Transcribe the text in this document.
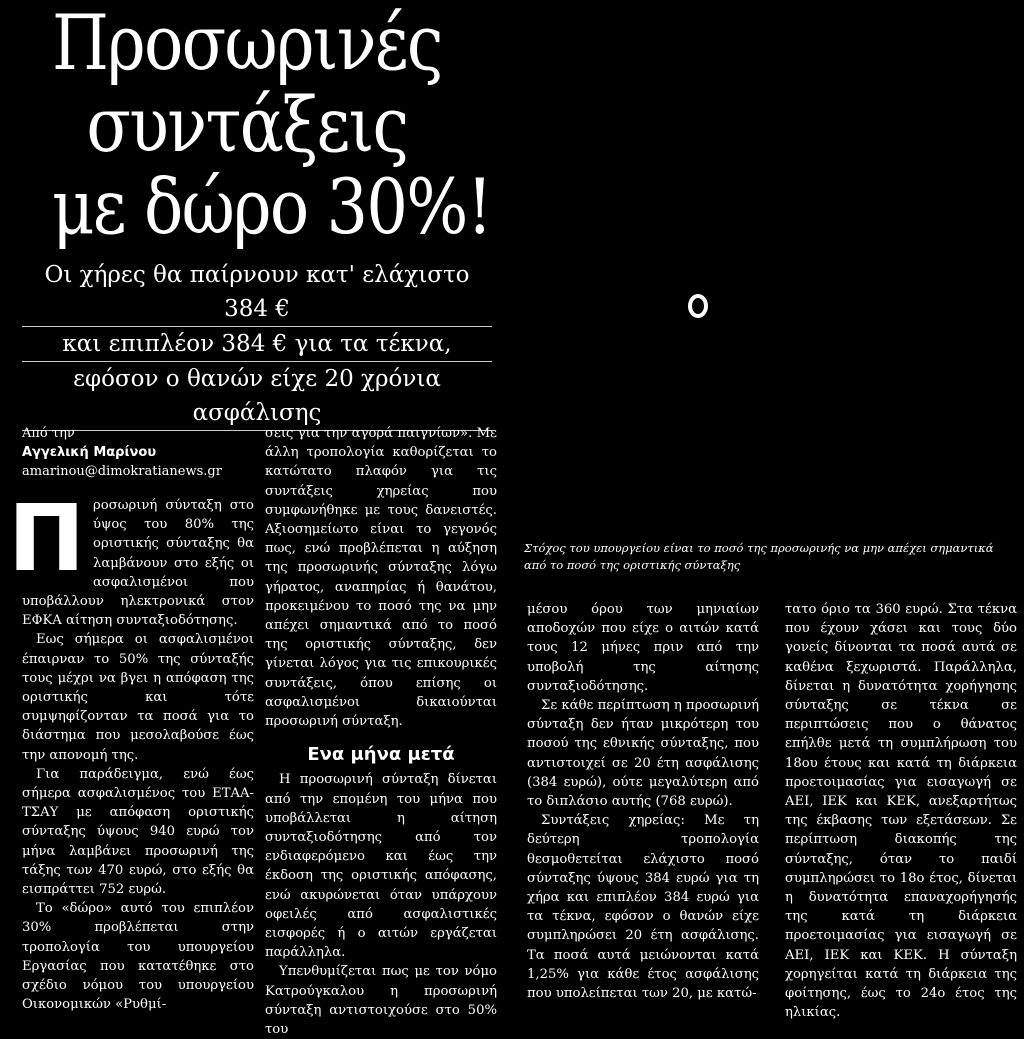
Προσωρινές
συντάξεις
με δώρο 30%!
Οι χήρες θα παίρνουν κατ' ελάχιστο 384 €
και επιπλέον 384 € για τα τέκνα,
εφόσον ο θανών είχε 20 χρόνια ασφάλισης
Από την
Αγγελική Μαρίνου
amarinou@dimokratianews.gr
Στόχος του υπουργείου είναι το ποσό της προσωρινής να μην απέχει σημαντικά από το ποσό της οριστικής σύνταξης

Προσωρινή σύνταξη στο ύψος του 80% της οριστικής σύνταξης θα λαμβάνουν στο εξής οι ασφαλισμένοι που υποβάλλουν ηλεκτρονικά στον ΕΦΚΑ αίτηση συνταξιοδότησης.

Εως σήμερα οι ασφαλισμένοι έπαιρναν το 50% της σύνταξής τους μέχρι να βγει η απόφαση της οριστικής και τότε συμψηφίζονταν τα ποσά για το διάστημα που μεσολαβούσε έως την απονομή της.

Για παράδειγμα, ενώ έως σήμερα ασφαλισμένος του ΕΤΑΑ-ΤΣΑΥ με απόφαση οριστικής σύνταξης ύψους 940 ευρώ τον μήνα λαμβάνει προσωρινή της τάξης των 470 ευρώ, στο εξής θα εισπράττει 752 ευρώ.

Το «δώρο» αυτό του επιπλέον 30% προβλέπεται στην τροπολογία του υπουργείου Εργασίας που κατατέθηκε στο σχέδιο νόμου του υπουργείου Οικονομικών «Ρυθμί-

σεις για την αγορά παιγνίων». Με άλλη τροπολογία καθορίζεται το κατώτατο πλαφόν για τις συντάξεις χηρείας που συμφωνήθηκε με τους δανειστές. Αξιοσημείωτο είναι το γεγονός πως, ενώ προβλέπεται η αύξηση της προσωρινής σύνταξης λόγω γήρατος, αναπηρίας ή θανάτου, προκειμένου το ποσό της να μην απέχει σημαντικά από το ποσό της οριστικής σύνταξης, δεν γίνεται λόγος για τις επικουρικές συντάξεις, όπου επίσης οι ασφαλισμένοι δικαιούνται προσωρινή σύνταξη.

Ενα μήνα μετά

Η προσωρινή σύνταξη δίνεται από την επομένη του μήνα που υποβάλλεται η αίτηση συνταξιοδότησης από τον ενδιαφερόμενο και έως την έκδοση της οριστικής απόφασης, ενώ ακυρώνεται όταν υπάρχουν οφειλές από ασφαλιστικές εισφορές ή ο αιτών εργάζεται παράλληλα.

Υπενθυμίζεται πως με τον νόμο Κατρούγκαλου η προσωρινή σύνταξη αντιστοιχούσε στο 50% του

μέσου όρου των μηνιαίων αποδοχών που είχε ο αιτών κατά τους 12 μήνες πριν από την υποβολή της αίτησης συνταξιοδότησης.

Σε κάθε περίπτωση η προσωρινή σύνταξη δεν ήταν μικρότερη του ποσού της εθνικής σύνταξης, που αντιστοιχεί σε 20 έτη ασφάλισης (384 ευρώ), ούτε μεγαλύτερη από το διπλάσιο αυτής (768 ευρώ).

Συντάξεις χηρείας: Με τη δεύτερη τροπολογία θεσμοθετείται ελάχιστο ποσό σύνταξης ύψους 384 ευρώ για τη χήρα και επιπλέον 384 ευρώ για τα τέκνα, εφόσον ο θανών είχε συμπληρώσει 20 έτη ασφάλισης. Τα ποσά αυτά μειώνονται κατά 1,25% για κάθε έτος ασφάλισης που υπολείπεται των 20, με κατώ-

τατο όριο τα 360 ευρώ. Στα τέκνα που έχουν χάσει και τους δύο γονείς δίνονται τα ποσά αυτά σε καθένα ξεχωριστά. Παράλληλα, δίνεται η δυνατότητα χορήγησης σύνταξης σε τέκνα σε περιπτώσεις που ο θάνατος επήλθε μετά τη συμπλήρωση του 18ου έτους και κατά τη διάρκεια προετοιμασίας για εισαγωγή σε ΑΕΙ, ΙΕΚ και ΚΕΚ, ανεξαρτήτως της έκβασης των εξετάσεων. Σε περίπτωση διακοπής της σύνταξης, όταν το παιδί συμπληρώσει το 18ο έτος, δίνεται η δυνατότητα επαναχορήγησής της κατά τη διάρκεια προετοιμασίας για εισαγωγή σε ΑΕΙ, ΙΕΚ και ΚΕΚ. Η σύνταξη χορηγείται κατά τη διάρκεια της φοίτησης, έως το 24ο έτος της ηλικίας.
